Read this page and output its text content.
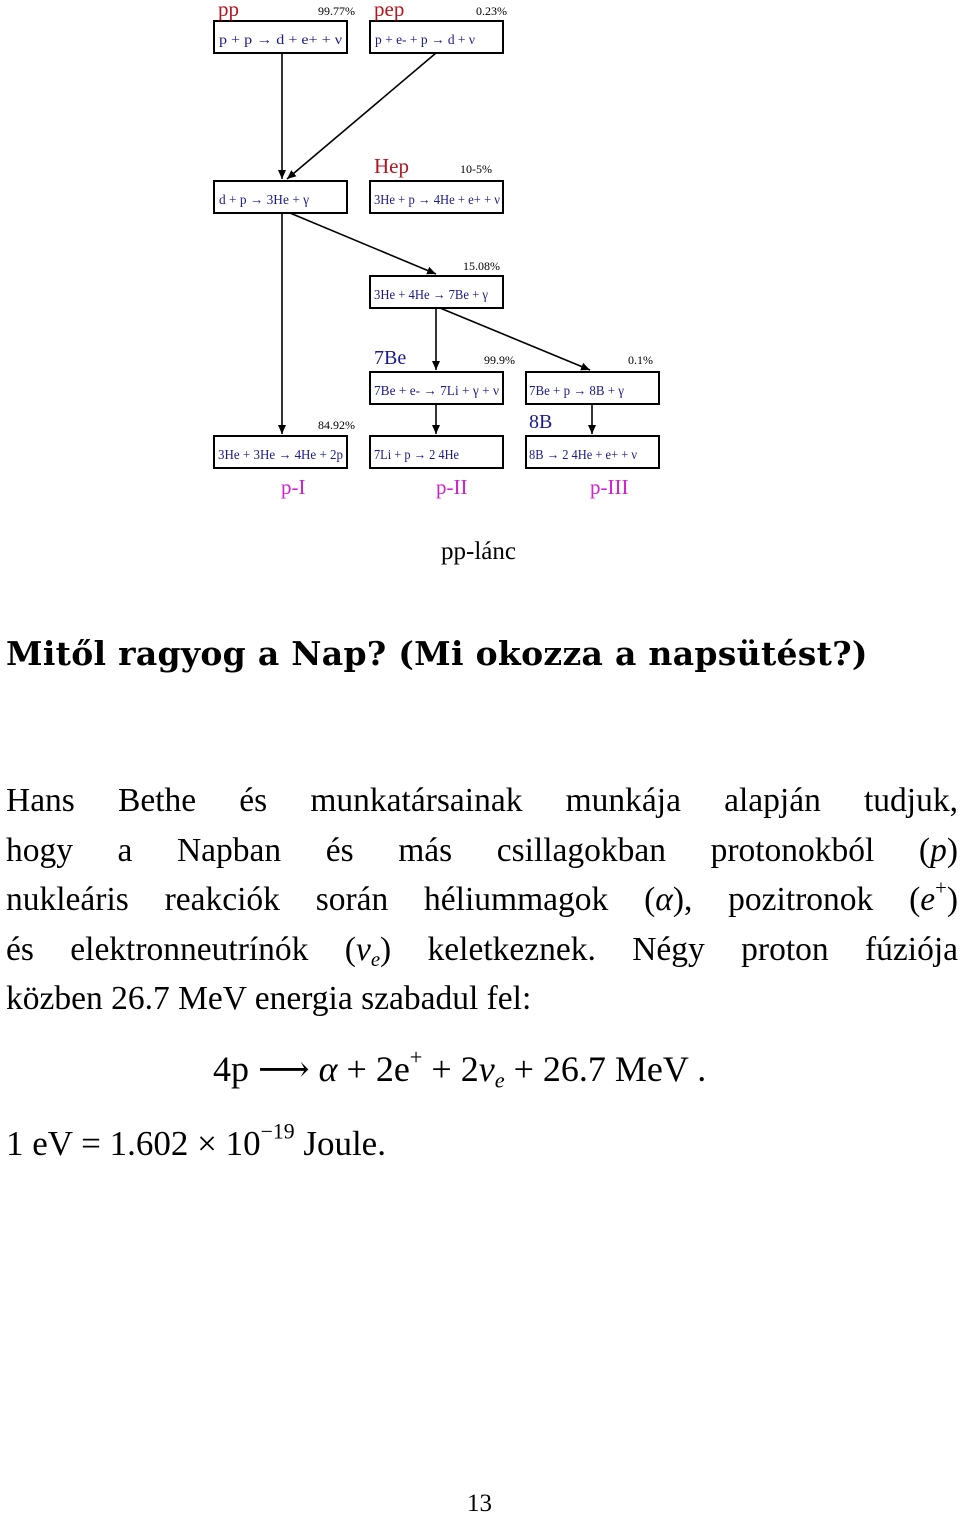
pp	99.77% pep	0.23%
Hep	10-5%
15.08%
7Be	99.9%	0.1%
8B
84.92%
p + p → d + e+ + ν p + e- + p → d + ν
d + p → 3He + γ	3He + p → 4He + e+ + ν
3He + 4He → 7Be + γ
7Be + e- → 7Li + γ + ν 7Be + p → 8B + γ
3He + 3He → 4He + 2p 7Li + p → 2 4He	8B → 2 4He + e+ + ν
p-I	p-II	p-III
pp-lánc
Mitől ragyog a Nap? (Mi okozza a napsütést?)
Hans Bethe és munkatársainak munkája alapján tudjuk,
hogy a Napban és más csillagokban protonokból (p)
nukleáris reakciók során héliummagok (α), pozitronok (e+)
és elektronneutrínók $(\nu_e)$ keletkeznek. Négy proton fúziója
közben 26.7 MeV energia szabadul fel:
4p ⟶ $\alpha + 2e^+ + 2\nu_e + 26.7$ MeV .
1 eV = $1.602 \times 10^{-19}$ Joule.
13
